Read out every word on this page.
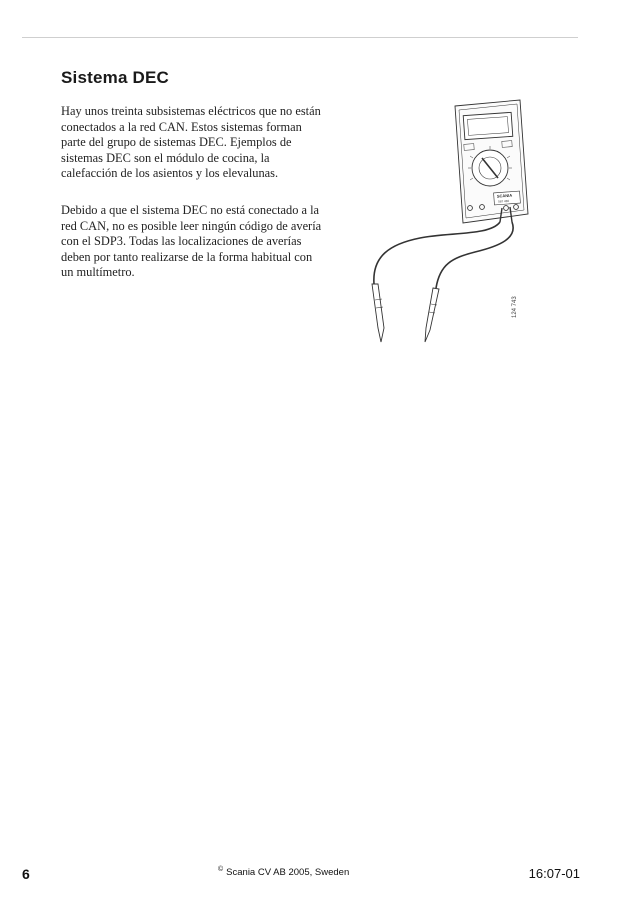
Sistema DEC

Hay unos treinta subsistemas eléctricos que no están conectados a la red CAN. Estos sistemas forman parte del grupo de sistemas DEC. Ejemplos de sistemas DEC son el módulo de cocina, la calefacción de los asientos y los elevalunas.

Debido a que el sistema DEC no está conectado a la red CAN, no es posible leer ningún código de avería con el SDP3. Todas las localizaciones de averías deben por tanto realizarse de la forma habitual con un multímetro.

SCANIA
587 430
124 743
6	© Scania CV AB 2005, Sweden	16:07-01
